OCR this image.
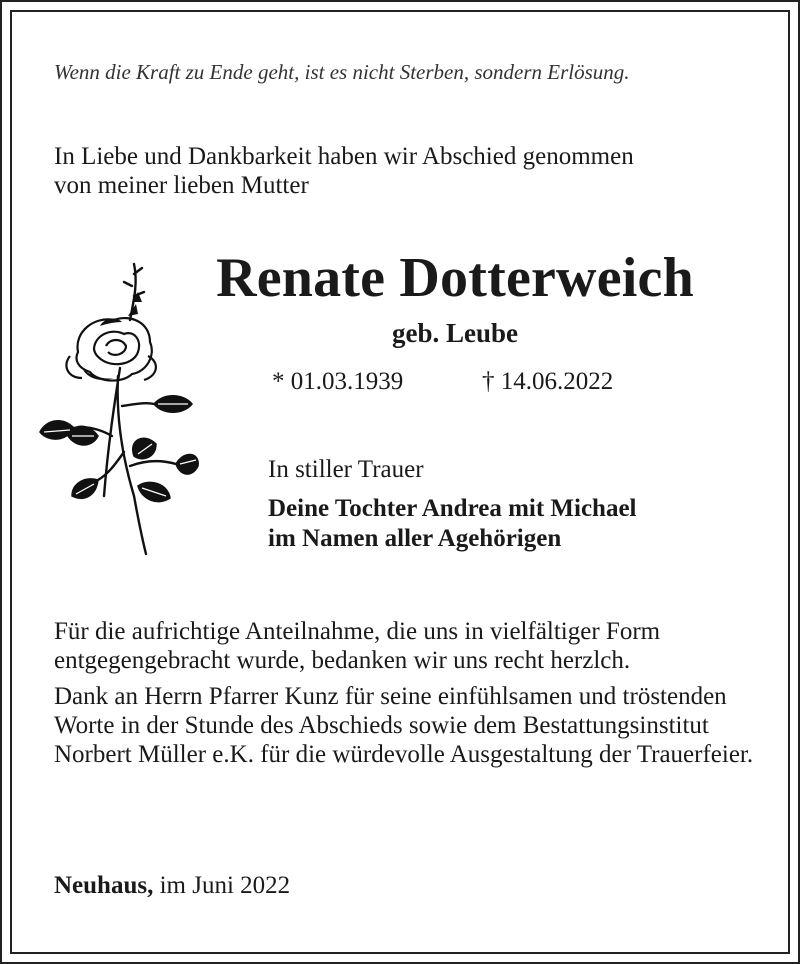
Wenn die Kraft zu Ende geht, ist es nicht Sterben, sondern Erlösung.
In Liebe und Dankbarkeit haben wir Abschied genommen
von meiner lieben Mutter
Renate Dotterweich
geb. Leube
* 01.03.1939	† 14.06.2022
In stiller Trauer
Deine Tochter Andrea mit Michael
im Namen aller Agehörigen

Für die aufrichtige Anteilnahme, die uns in vielfältiger Form entgegengebracht wurde, bedanken wir uns recht herzlch.

Dank an Herrn Pfarrer Kunz für seine einfühlsamen und tröstenden Worte in der Stunde des Abschieds sowie dem Bestattungsinstitut Norbert Müller e.K. für die würdevolle Ausgestaltung der Trauerfeier.

Neuhaus, im Juni 2022
